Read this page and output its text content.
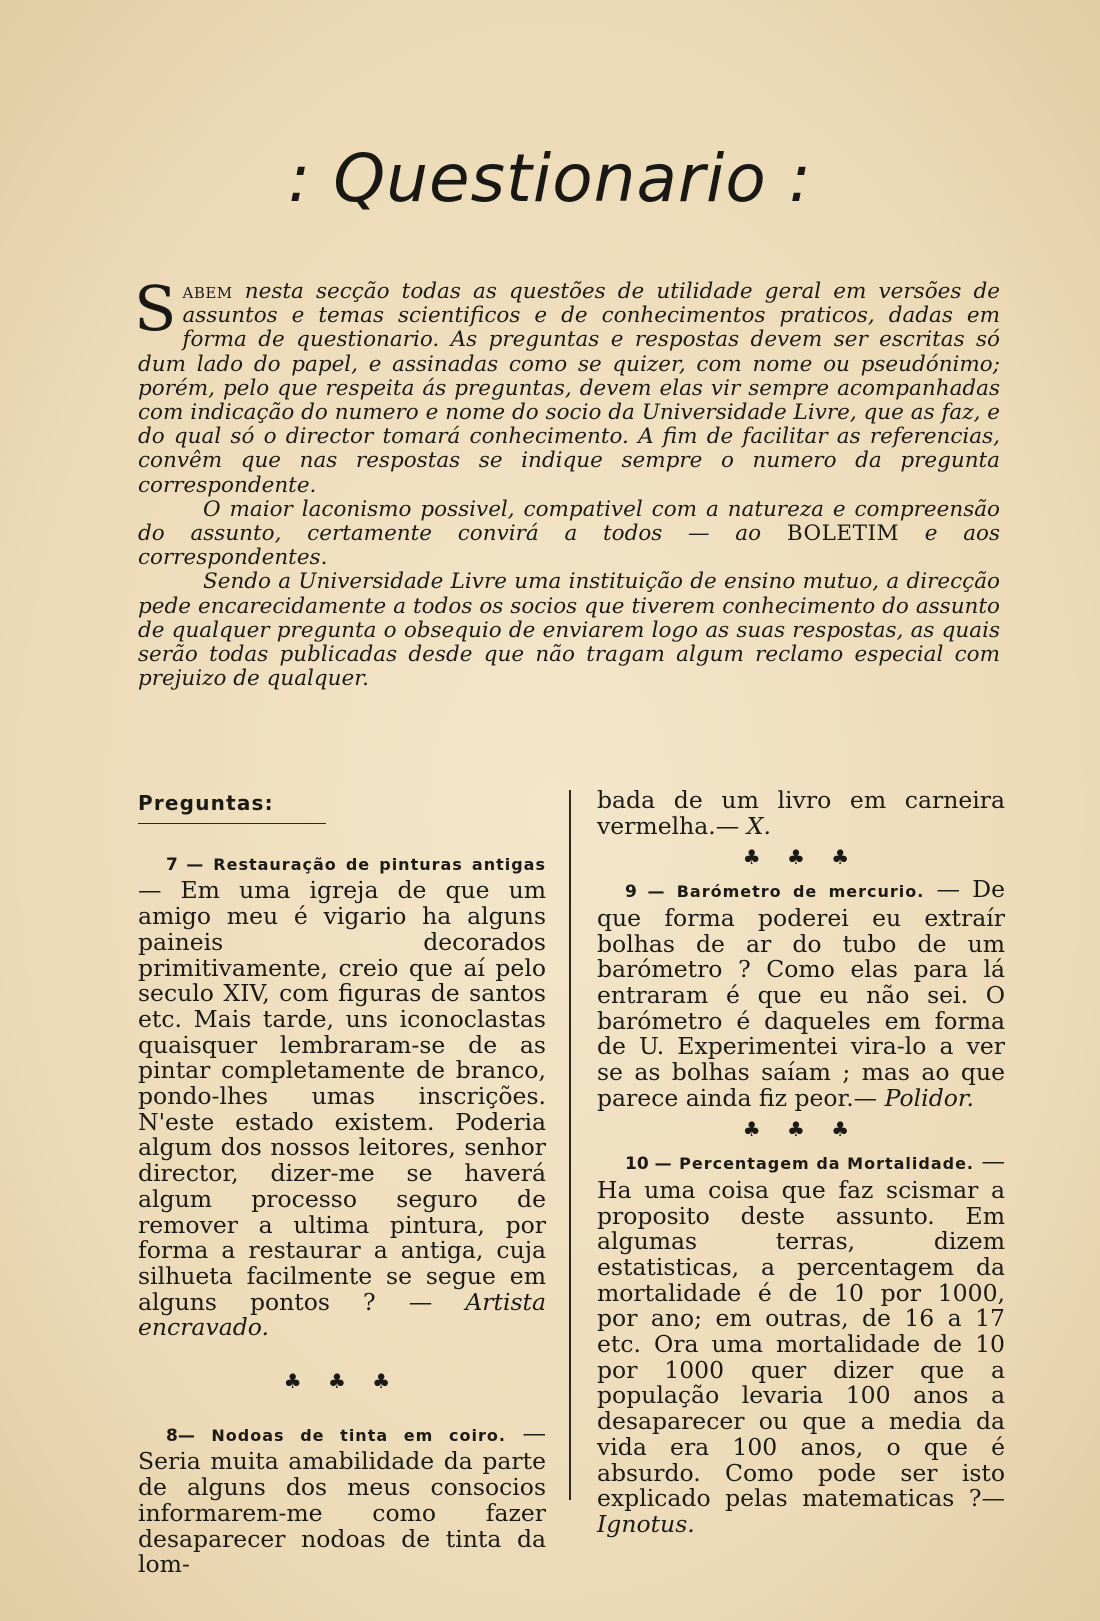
: Questionario :

Sabem nesta secção todas as questões de utilidade geral em versões de assuntos e temas scientificos e de conhecimentos praticos, dadas em forma de questionario. As preguntas e respostas devem ser escritas só dum lado do papel, e assinadas como se quizer, com nome ou pseudónimo; porém, pelo que respeita ás preguntas, devem elas vir sempre acompanhadas com indicação do numero e nome do socio da Universidade Livre, que as faz, e do qual só o director tomará conhecimento. A fim de facilitar as referencias, convêm que nas respostas se indique sempre o numero da pregunta correspondente.

O maior laconismo possivel, compativel com a natureza e compreensão do assunto, certamente convirá a todos — ao BOLETIM e aos correspondentes.

Sendo a Universidade Livre uma instituição de ensino mutuo, a direcção pede encarecidamente a todos os socios que tiverem conhecimento do assunto de qualquer pregunta o obsequio de enviarem logo as suas respostas, as quais serão todas publicadas desde que não tragam algum reclamo especial com prejuizo de qualquer.

Preguntas:

7 — Restauração de pinturas antigas — Em uma igreja de que um amigo meu é vigario ha alguns paineis decorados primitivamente, creio que aí pelo seculo XIV, com figuras de santos etc. Mais tarde, uns iconoclastas quaisquer lembraram-se de as pintar completamente de branco, pondo-lhes umas inscrições. N'este estado existem. Poderia algum dos nossos leitores, senhor director, dizer-me se haverá algum processo seguro de remover a ultima pintura, por forma a restaurar a antiga, cuja silhueta facilmente se segue em alguns pontos ? — Artista encravado.

♣ ♣ ♣

8— Nodoas de tinta em coiro. — Seria muita amabilidade da parte de alguns dos meus consocios informarem-me como fazer desaparecer nodoas de tinta da lom-

bada de um livro em carneira vermelha.— X.

♣ ♣ ♣

9 — Barómetro de mercurio. — De que forma poderei eu extraír bolhas de ar do tubo de um barómetro ? Como elas para lá entraram é que eu não sei. O barómetro é daqueles em forma de U. Experimentei vira-lo a ver se as bolhas saíam ; mas ao que parece ainda fiz peor.— Polidor.

♣ ♣ ♣

10 — Percentagem da Mortalidade. — Ha uma coisa que faz scismar a proposito deste assunto. Em algumas terras, dizem estatisticas, a percentagem da mortalidade é de 10 por 1000, por ano; em outras, de 16 a 17 etc. Ora uma mortalidade de 10 por 1000 quer dizer que a população levaria 100 anos a desaparecer ou que a media da vida era 100 anos, o que é absurdo. Como pode ser isto explicado pelas matematicas ?— Ignotus.
